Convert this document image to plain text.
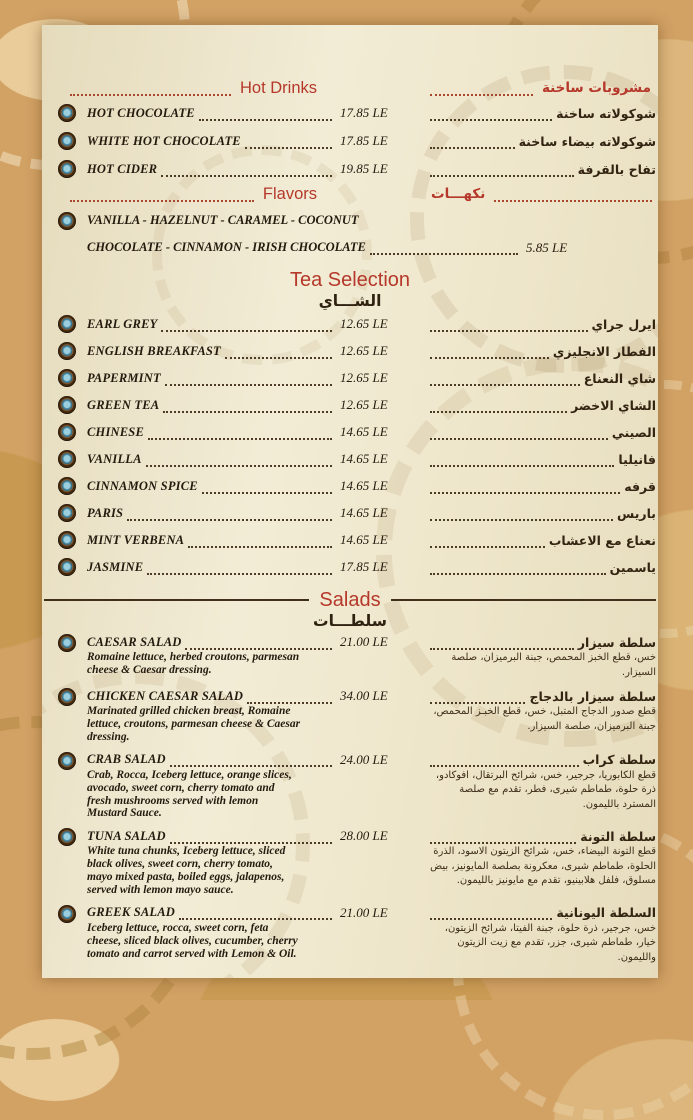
Hot Drinks	مشروبات ساخنة
HOT CHOCOLATE	17.85 LE	شوكولاته ساخنة
WHITE HOT CHOCOLATE	17.85 LE	شوكولاته بيضاء ساخنة
HOT CIDER	19.85 LE	تفاح بالقرفة
Flavors	نكهـــات
VANILLA - HAZELNUT - CARAMEL - COCONUT
CHOCOLATE - CINNAMON - IRISH CHOCOLATE	5.85 LE
Tea Selection
الشـــاي
EARL GREY	12.65 LE	ايرل جراي
ENGLISH BREAKFAST	12.65 LE	الفطار الانجليزي
PAPERMINT	12.65 LE	شاي النعناع
GREEN TEA	12.65 LE	الشاي الاخضر
CHINESE	14.65 LE	الصيني
VANILLA	14.65 LE	فانيليا
CINNAMON SPICE	14.65 LE	قرفه
PARIS	14.65 LE	باريس
MINT VERBENA	14.65 LE	نعناع مع الاعشاب
JASMINE	17.85 LE	ياسمين
Salads
سلطـــات
CAESAR SALAD
Romaine lettuce, herbed croutons, parmesan cheese & Caesar dressing.
21.00 LE	سلطة سيزار
خس، قطع الخبز المحمص، جبنة البرميزان، صلصة السيزار.
CHICKEN CAESAR SALAD
Marinated grilled chicken breast, Romaine lettuce, croutons, parmesan cheese & Caesar dressing.
34.00 LE	سلطة سيزار بالدجاج
قطع صدور الدجاج المتبل، خس، قطع الخبـز المحمص، جبنة البرميزان، صلصة السيزار.
CRAB SALAD
Crab, Rocca, Iceberg lettuce, orange slices, avocado, sweet corn, cherry tomato and fresh mushrooms served with lemon Mustard Sauce.
24.00 LE	سلطة كراب
قطع الكابوريا، جرجير، خس، شرائح البرتقال، افوكادو، ذرة حلوة، طماطم شيرى، فطر، تقدم مع صلصة المسترد بالليمون.
TUNA SALAD
White tuna chunks, Iceberg lettuce, sliced black olives, sweet corn, cherry tomato, mayo mixed pasta, boiled eggs, jalapenos, served with lemon mayo sauce.
28.00 LE	سلطة التونة
قطع التونة البيضاء، خس، شرائح الزيتون الاسود، الذرة الحلوة، طماطم شيرى، معكرونة بصلصة المايونيز، بيض مسلوق، فلفل هلابينيو، تقدم مع مايونيز بالليمون.
GREEK SALAD
Iceberg lettuce, rocca, sweet corn, feta cheese, sliced black olives, cucumber, cherry tomato and carrot served with Lemon & Oil.
21.00 LE	السلطة اليونانية
خس، جرجير، ذرة حلوة، جبنة الفيتا، شرائح الزيتون، خيار، طماطم شيرى، جزر، تقدم مع زيت الزيتون والليمون.
